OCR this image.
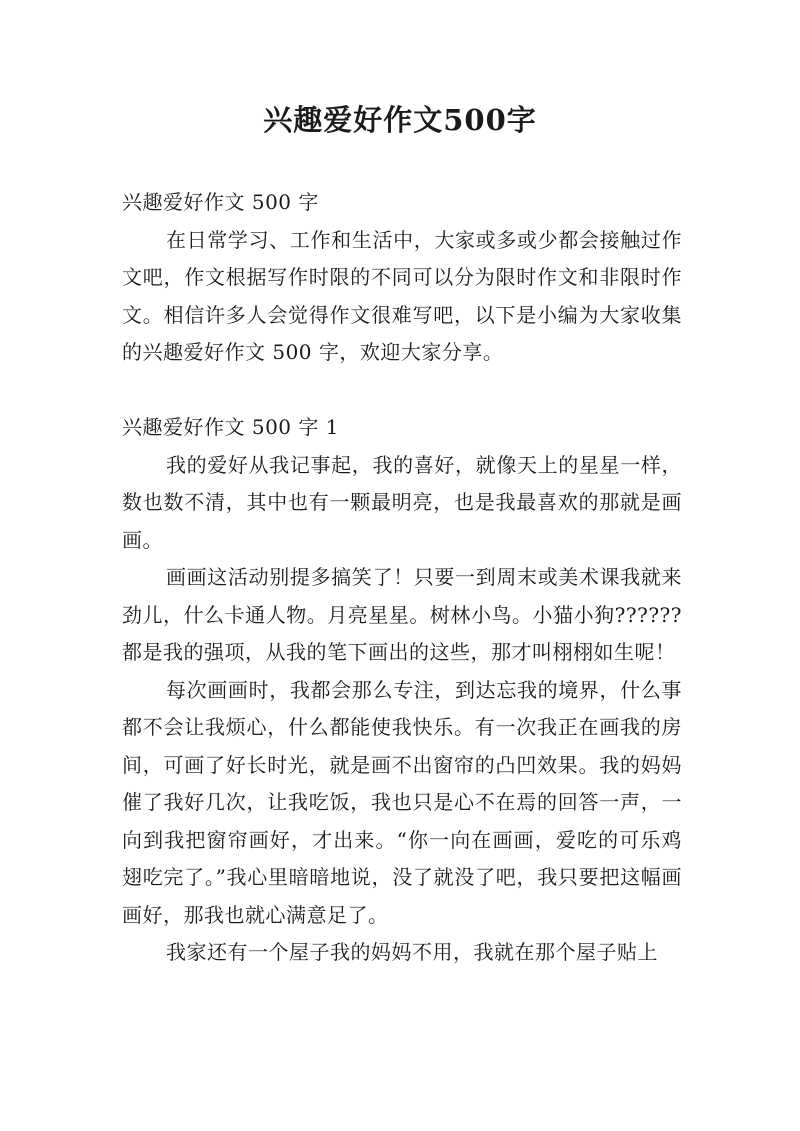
兴趣爱好作文500字

兴趣爱好作文 500 字

在日常学习、工作和生活中，大家或多或少都会接触过作文吧，作文根据写作时限的不同可以分为限时作文和非限时作文。相信许多人会觉得作文很难写吧，以下是小编为大家收集的兴趣爱好作文 500 字，欢迎大家分享。

兴趣爱好作文 500 字 1

我的爱好从我记事起，我的喜好，就像天上的星星一样，数也数不清，其中也有一颗最明亮，也是我最喜欢的那就是画画。

画画这活动别提多搞笑了！只要一到周末或美术课我就来劲儿，什么卡通人物。月亮星星。树林小鸟。小猫小狗??????都是我的强项，从我的笔下画出的这些，那才叫栩栩如生呢！

每次画画时，我都会那么专注，到达忘我的境界，什么事都不会让我烦心，什么都能使我快乐。有一次我正在画我的房间，可画了好长时光，就是画不出窗帘的凸凹效果。我的妈妈催了我好几次，让我吃饭，我也只是心不在焉的回答一声，一向到我把窗帘画好，才出来。“你一向在画画，爱吃的可乐鸡翅吃完了。”我心里暗暗地说，没了就没了吧，我只要把这幅画画好，那我也就心满意足了。

我家还有一个屋子我的妈妈不用，我就在那个屋子贴上
